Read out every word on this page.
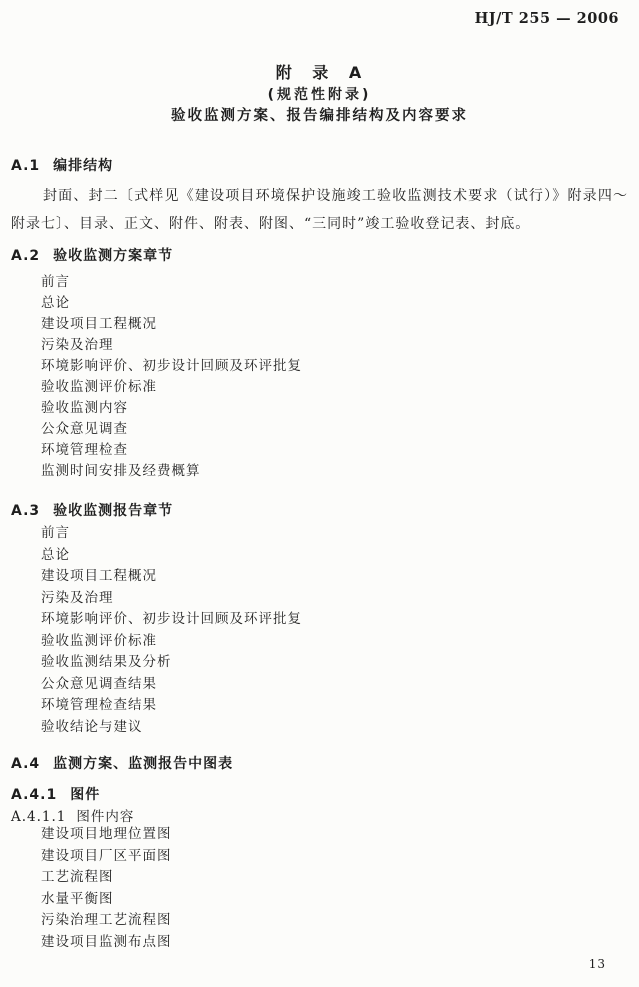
HJ/T 255 — 2006
附 录 A
(规范性附录)
验收监测方案、报告编排结构及内容要求
A.1 编排结构
封面、封二〔式样见《建设项目环境保护设施竣工验收监测技术要求（试行）》附录四～附录七〕、目录、正文、附件、附表、附图、“三同时”竣工验收登记表、封底。
A.2 验收监测方案章节
前言
总论
建设项目工程概况
污染及治理
环境影响评价、初步设计回顾及环评批复
验收监测评价标准
验收监测内容
公众意见调查
环境管理检查
监测时间安排及经费概算
A.3 验收监测报告章节
前言
总论
建设项目工程概况
污染及治理
环境影响评价、初步设计回顾及环评批复
验收监测评价标准
验收监测结果及分析
公众意见调查结果
环境管理检查结果
验收结论与建议
A.4 监测方案、监测报告中图表
A.4.1 图件
A.4.1.1 图件内容
建设项目地理位置图
建设项目厂区平面图
工艺流程图
水量平衡图
污染治理工艺流程图
建设项目监测布点图
13
